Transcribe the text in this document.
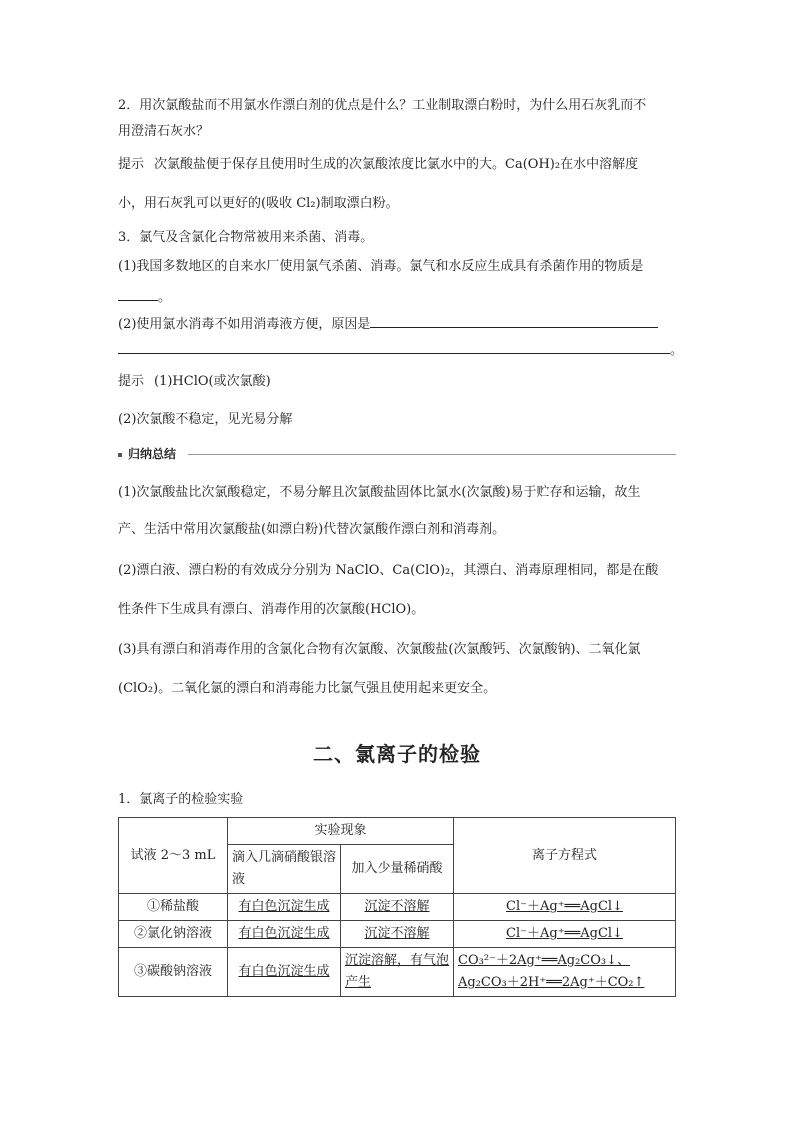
2．用次氯酸盐而不用氯水作漂白剂的优点是什么？工业制取漂白粉时，为什么用石灰乳而不
用澄清石灰水？
提示 次氯酸盐便于保存且使用时生成的次氯酸浓度比氯水中的大。Ca(OH)₂在水中溶解度
小，用石灰乳可以更好的(吸收 Cl₂)制取漂白粉。
3．氯气及含氯化合物常被用来杀菌、消毒。
(1)我国多数地区的自来水厂使用氯气杀菌、消毒。氯气和水反应生成具有杀菌作用的物质是
。
(2)使用氯水消毒不如用消毒液方便，原因是
。
提示 (1)HClO(或次氯酸)
(2)次氯酸不稳定，见光易分解
归纳总结
(1)次氯酸盐比次氯酸稳定，不易分解且次氯酸盐固体比氯水(次氯酸)易于贮存和运输，故生
产、生活中常用次氯酸盐(如漂白粉)代替次氯酸作漂白剂和消毒剂。
(2)漂白液、漂白粉的有效成分分别为 NaClO、Ca(ClO)₂，其漂白、消毒原理相同，都是在酸
性条件下生成具有漂白、消毒作用的次氯酸(HClO)。
(3)具有漂白和消毒作用的含氯化合物有次氯酸、次氯酸盐(次氯酸钙、次氯酸钠)、二氧化氯
(ClO₂)。二氧化氯的漂白和消毒能力比氯气强且使用起来更安全。
二、氯离子的检验
1．氯离子的检验实验
试液 2～3 mL	实验现象		离子方程式
	滴入几滴硝酸银溶液	加入少量稀硝酸	
①稀盐酸	有白色沉淀生成	沉淀不溶解	Cl⁻＋Ag⁺══AgCl↓
②氯化钠溶液	有白色沉淀生成	沉淀不溶解	Cl⁻＋Ag⁺══AgCl↓
③碳酸钠溶液	有白色沉淀生成	沉淀溶解，有气泡产生	CO₃²⁻＋2Ag⁺══Ag₂CO₃↓、
Ag₂CO₃＋2H⁺══2Ag⁺＋CO₂↑
